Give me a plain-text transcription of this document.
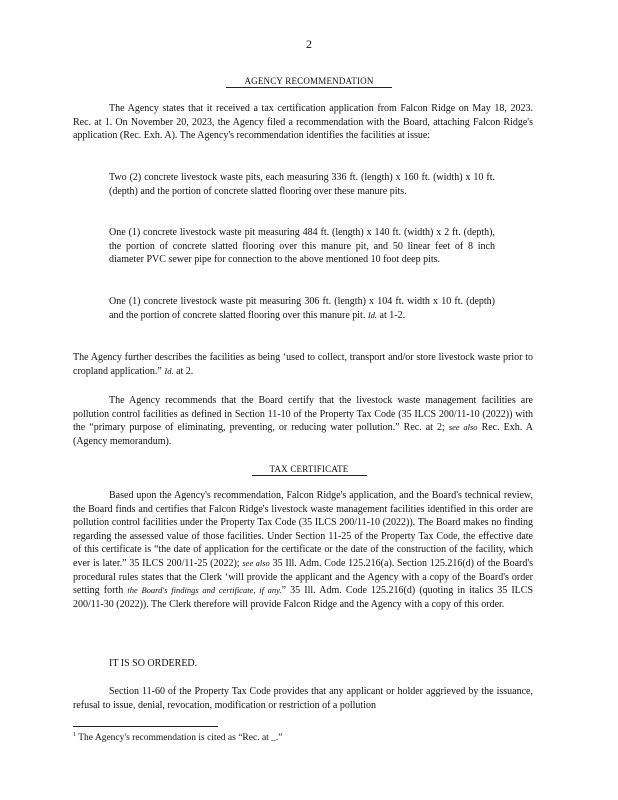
2
AGENCY RECOMMENDATION

The Agency states that it received a tax certification application from Falcon Ridge on May 18, 2023. Rec. at 1. On November 20, 2023, the Agency filed a recommendation with the Board, attaching Falcon Ridge's application (Rec. Exh. A). The Agency's recommendation identifies the facilities at issue:

Two (2) concrete livestock waste pits, each measuring 336 ft. (length) x 160 ft. (width) x 10 ft. (depth) and the portion of concrete slatted flooring over these manure pits.

One (1) concrete livestock waste pit measuring 484 ft. (length) x 140 ft. (width) x 2 ft. (depth), the portion of concrete slatted flooring over this manure pit, and 50 linear feet of 8 inch diameter PVC sewer pipe for connection to the above mentioned 10 foot deep pits.

One (1) concrete livestock waste pit measuring 306 ft. (length) x 104 ft. width x 10 ft. (depth) and the portion of concrete slatted flooring over this manure pit. Id. at 1-2.

The Agency further describes the facilities as being ‘used to collect, transport and/or store livestock waste prior to cropland application.” Id. at 2.

The Agency recommends that the Board certify that the livestock waste management facilities are pollution control facilities as defined in Section 11-10 of the Property Tax Code (35 ILCS 200/11-10 (2022)) with the “primary purpose of eliminating, preventing, or reducing water pollution.” Rec. at 2; see also Rec. Exh. A (Agency memorandum).

TAX CERTIFICATE

Based upon the Agency's recommendation, Falcon Ridge's application, and the Board's technical review, the Board finds and certifies that Falcon Ridge's livestock waste management facilities identified in this order are pollution control facilities under the Property Tax Code (35 ILCS 200/11-10 (2022)). The Board makes no finding regarding the assessed value of those facilities. Under Section 11-25 of the Property Tax Code, the effective date of this certificate is “the date of application for the certificate or the date of the construction of the facility, which ever is later.” 35 ILCS 200/11-25 (2022); see also 35 Ill. Adm. Code 125.216(a). Section 125.216(d) of the Board's procedural rules states that the Clerk ‘will provide the applicant and the Agency with a copy of the Board's order setting forth the Board's findings and certificate, if any.” 35 Ill. Adm. Code 125.216(d) (quoting in italics 35 ILCS 200/11-30 (2022)). The Clerk therefore will provide Falcon Ridge and the Agency with a copy of this order.

IT IS SO ORDERED.

Section 11-60 of the Property Tax Code provides that any applicant or holder aggrieved by the issuance, refusal to issue, denial, revocation, modification or restriction of a pollution

$^1$ The Agency's recommendation is cited as “Rec. at _.”
